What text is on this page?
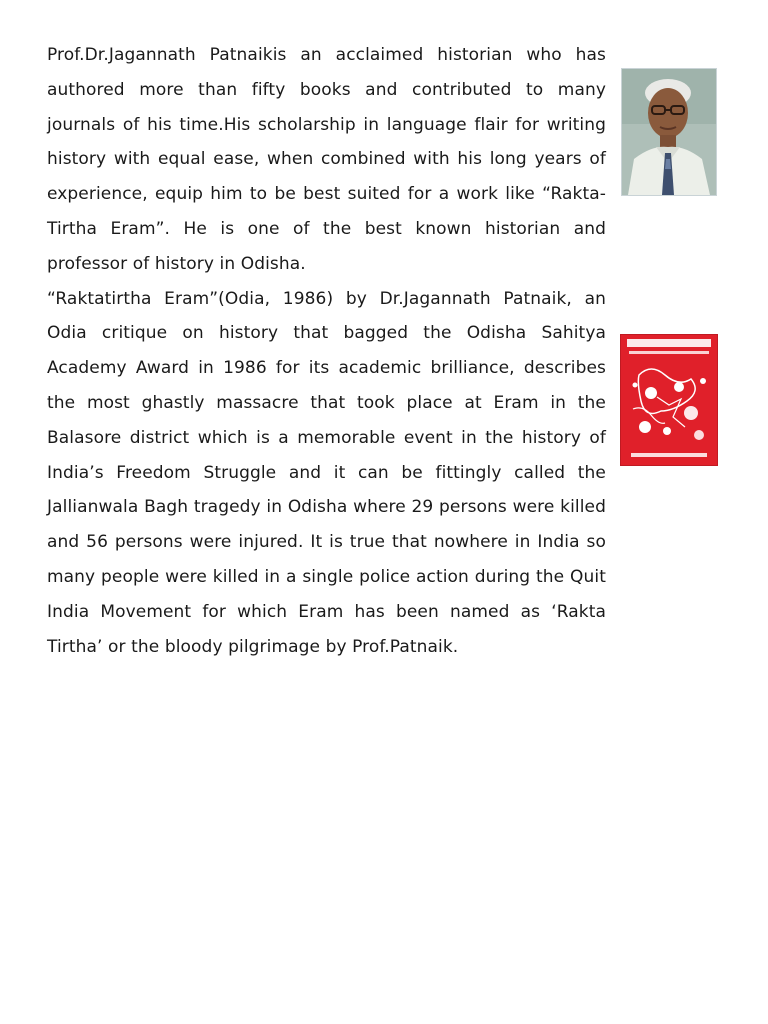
Prof.Dr.Jagannath Patnaikis an acclaimed historian who has authored more than fifty books and contributed to many journals of his time.His scholarship in language flair for writing history with equal ease, when combined with his long years of experience, equip him to be best suited for a work like “Rakta- Tirtha Eram”. He is one of the best known historian and professor of history in Odisha.

“Raktatirtha Eram”(Odia, 1986) by Dr.Jagannath Patnaik, an Odia critique on history that bagged the Odisha Sahitya Academy Award in 1986 for its academic brilliance, describes the most ghastly massacre that took place at Eram in the Balasore district which is a memorable event in the history of India’s Freedom Struggle and it can be fittingly called the Jallianwala Bagh tragedy in Odisha where 29 persons were killed and 56 persons were injured. It is true that nowhere in India so many people were killed in a single police action during the Quit India Movement for which Eram has been named as ‘Rakta Tirtha’ or the bloody pilgrimage by Prof.Patnaik.
